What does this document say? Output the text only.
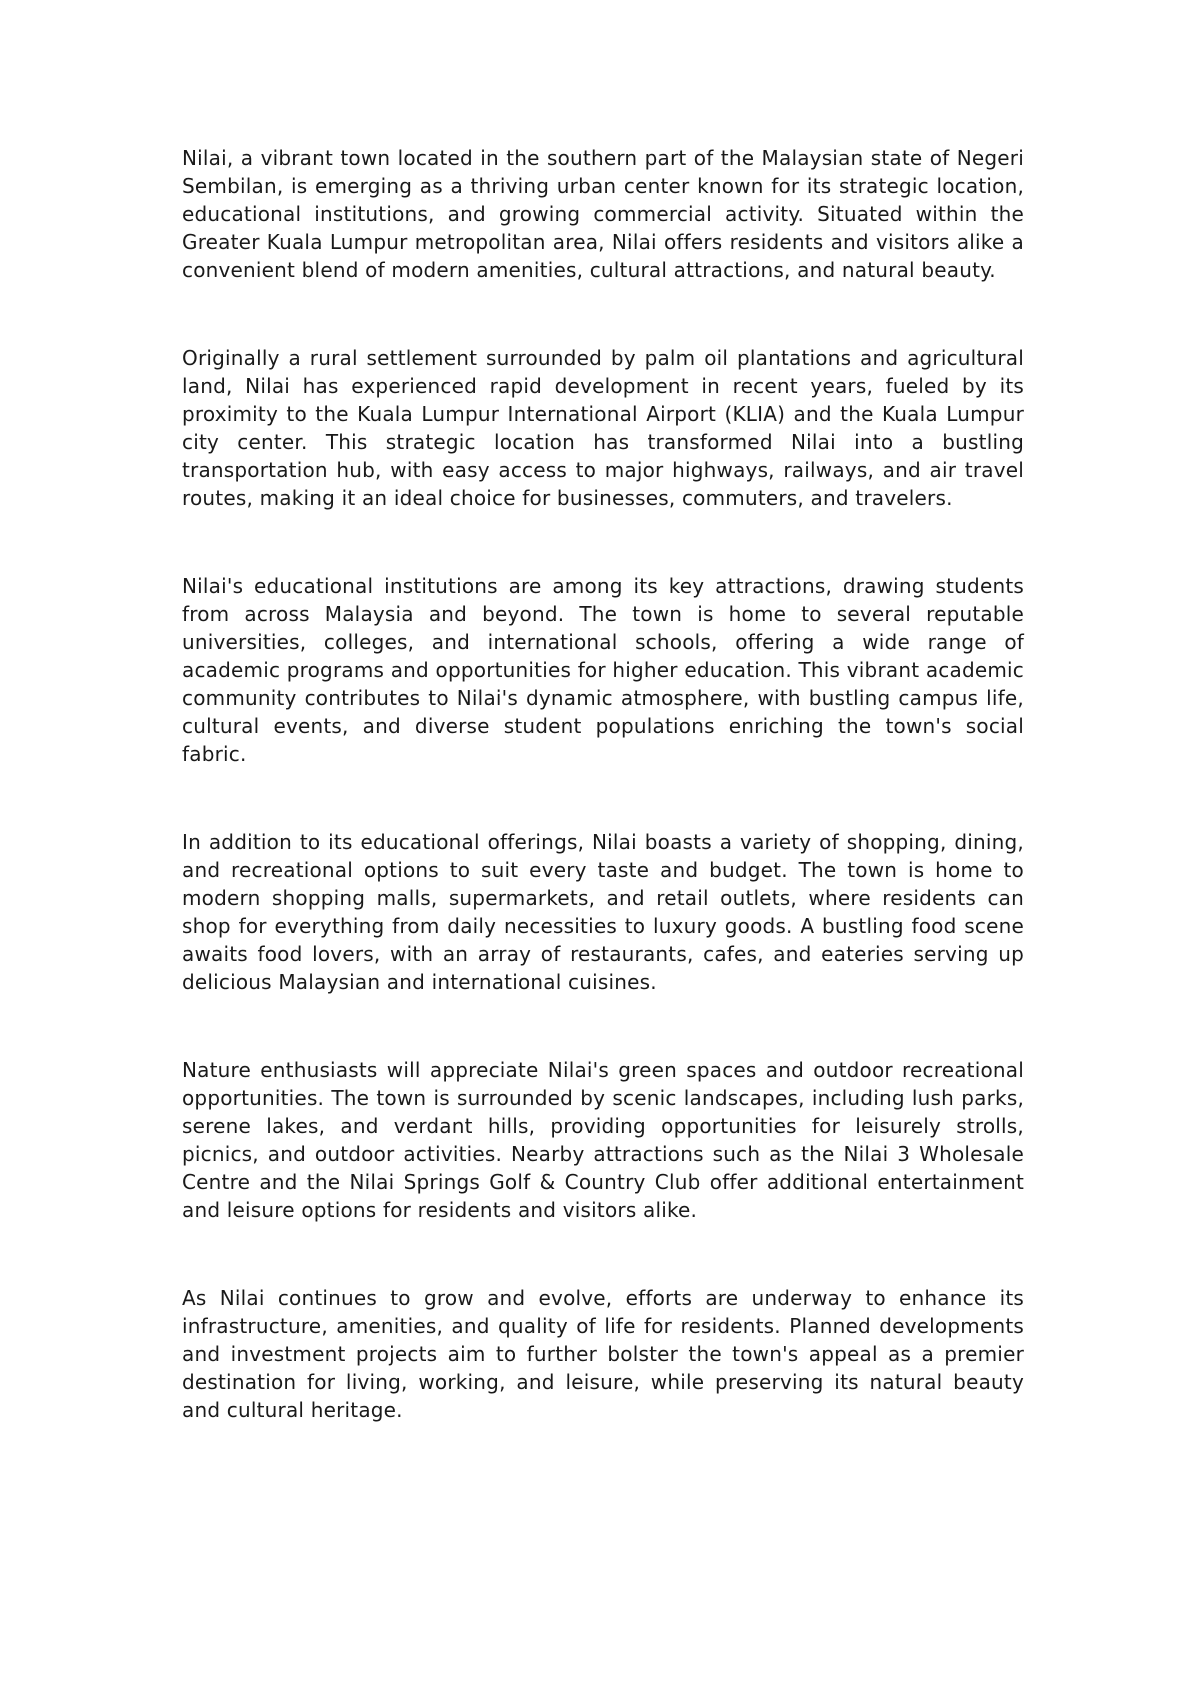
Nilai, a vibrant town located in the southern part of the Malaysian state of Negeri Sembilan, is emerging as a thriving urban center known for its strategic location, educational institutions, and growing commercial activity. Situated within the Greater Kuala Lumpur metropolitan area, Nilai offers residents and visitors alike a convenient blend of modern amenities, cultural attractions, and natural beauty.

Originally a rural settlement surrounded by palm oil plantations and agricultural land, Nilai has experienced rapid development in recent years, fueled by its proximity to the Kuala Lumpur International Airport (KLIA) and the Kuala Lumpur city center. This strategic location has transformed Nilai into a bustling transportation hub, with easy access to major highways, railways, and air travel routes, making it an ideal choice for businesses, commuters, and travelers.

Nilai's educational institutions are among its key attractions, drawing students from across Malaysia and beyond. The town is home to several reputable universities, colleges, and international schools, offering a wide range of academic programs and opportunities for higher education. This vibrant academic community contributes to Nilai's dynamic atmosphere, with bustling campus life, cultural events, and diverse student populations enriching the town's social fabric.

In addition to its educational offerings, Nilai boasts a variety of shopping, dining, and recreational options to suit every taste and budget. The town is home to modern shopping malls, supermarkets, and retail outlets, where residents can shop for everything from daily necessities to luxury goods. A bustling food scene awaits food lovers, with an array of restaurants, cafes, and eateries serving up delicious Malaysian and international cuisines.

Nature enthusiasts will appreciate Nilai's green spaces and outdoor recreational opportunities. The town is surrounded by scenic landscapes, including lush parks, serene lakes, and verdant hills, providing opportunities for leisurely strolls, picnics, and outdoor activities. Nearby attractions such as the Nilai 3 Wholesale Centre and the Nilai Springs Golf & Country Club offer additional entertainment and leisure options for residents and visitors alike.

As Nilai continues to grow and evolve, efforts are underway to enhance its infrastructure, amenities, and quality of life for residents. Planned developments and investment projects aim to further bolster the town's appeal as a premier destination for living, working, and leisure, while preserving its natural beauty and cultural heritage.
